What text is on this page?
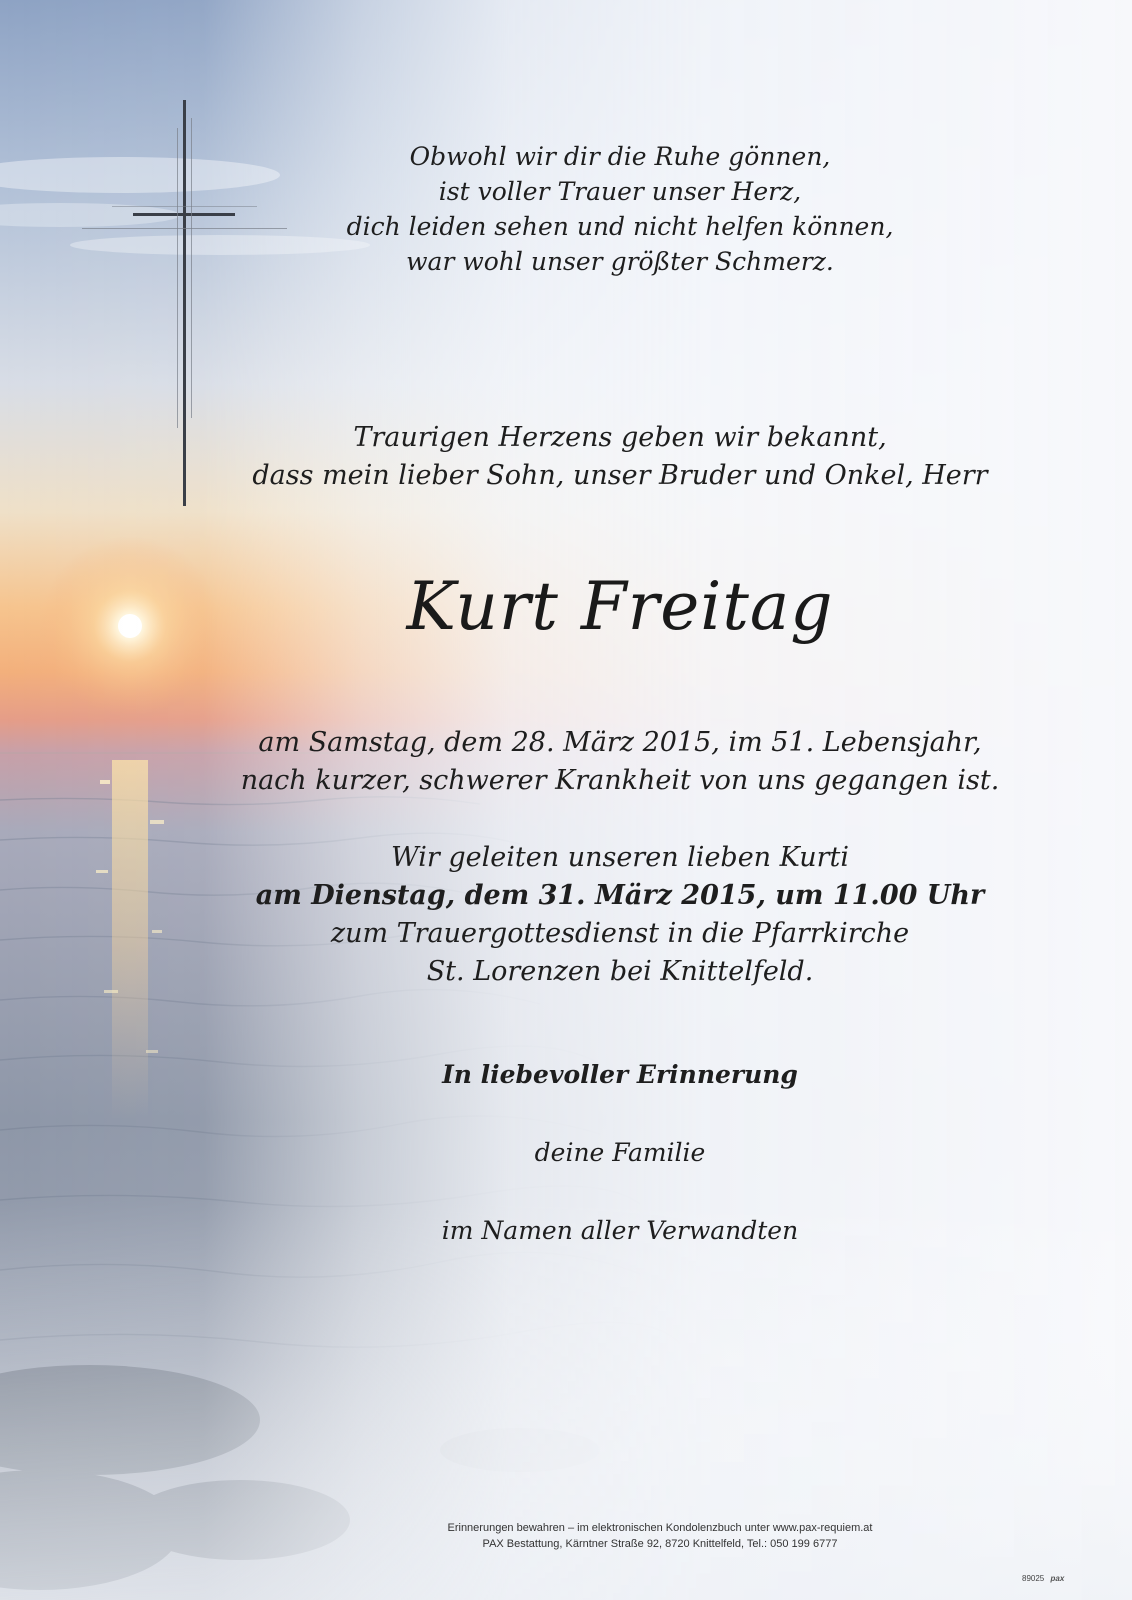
Obwohl wir dir die Ruhe gönnen,
ist voller Trauer unser Herz,
dich leiden sehen und nicht helfen können,
war wohl unser größter Schmerz.
Traurigen Herzens geben wir bekannt,
dass mein lieber Sohn, unser Bruder und Onkel, Herr
Kurt Freitag
am Samstag, dem 28. März 2015, im 51. Lebensjahr,
nach kurzer, schwerer Krankheit von uns gegangen ist.
Wir geleiten unseren lieben Kurti
am Dienstag, dem 31. März 2015, um 11.00 Uhr
zum Trauergottesdienst in die Pfarrkirche
St. Lorenzen bei Knittelfeld.
In liebevoller Erinnerung
deine Familie
im Namen aller Verwandten
Erinnerungen bewahren – im elektronischen Kondolenzbuch unter www.pax-requiem.at
PAX Bestattung, Kärntner Straße 92, 8720 Knittelfeld, Tel.: 050 199 6777
89025 pax
